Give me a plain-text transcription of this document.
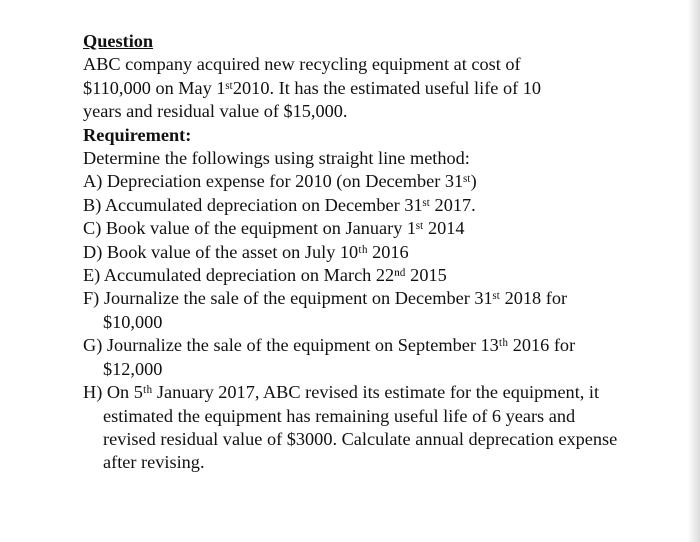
Question
ABC company acquired new recycling equipment at cost of
$110,000 on May 1ˢᵗ2010. It has the estimated useful life of 10
years and residual value of $15,000.
Requirement:
Determine the followings using straight line method:
A) Depreciation expense for 2010 (on December 31ˢᵗ)
B) Accumulated depreciation on December 31ˢᵗ 2017.
C) Book value of the equipment on January 1ˢᵗ 2014
D) Book value of the asset on July 10ᵗʰ 2016
E) Accumulated depreciation on March 22ⁿᵈ 2015
F) Journalize the sale of the equipment on December 31ˢᵗ 2018 for $10,000
G) Journalize the sale of the equipment on September 13ᵗʰ 2016 for $12,000
H) On 5ᵗʰ January 2017, ABC revised its estimate for the equipment, it estimated the equipment has remaining useful life of 6 years and revised residual value of $3000. Calculate annual deprecation expense after revising.
